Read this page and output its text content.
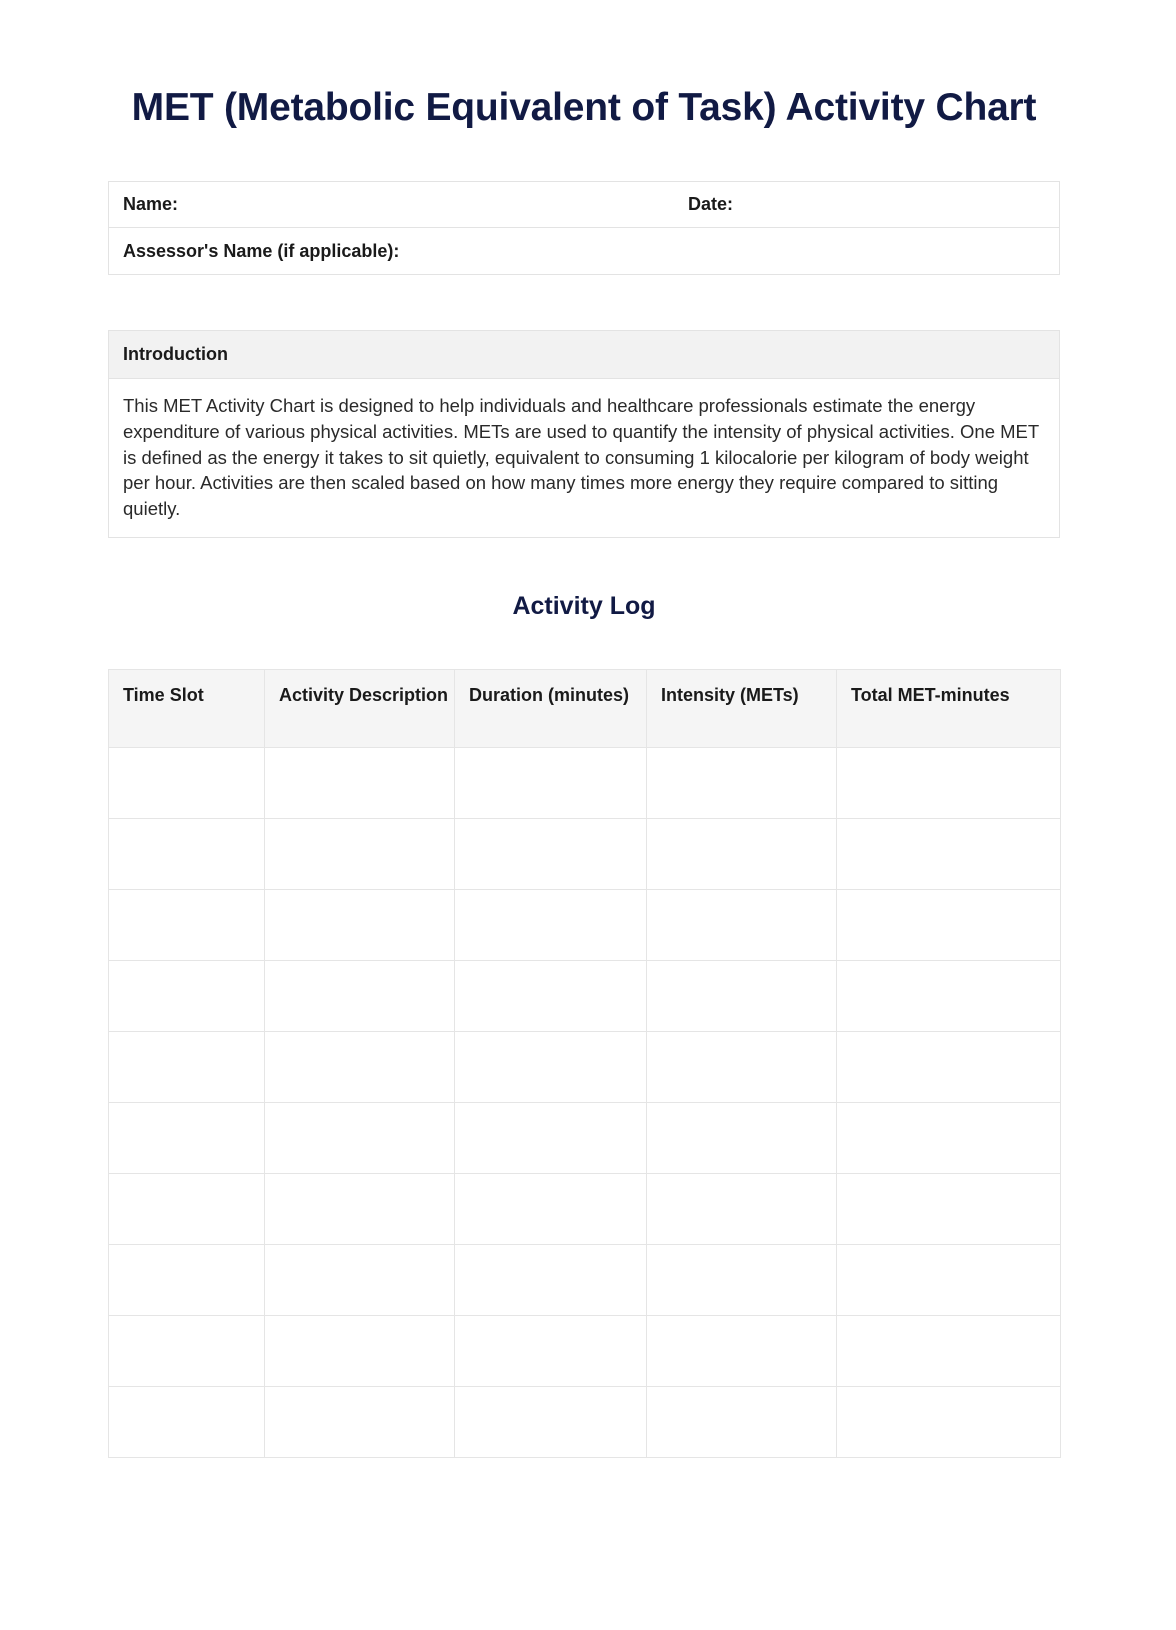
MET (Metabolic Equivalent of Task) Activity Chart
Name:	Date:
Assessor's Name (if applicable):
Introduction
This MET Activity Chart is designed to help individuals and healthcare professionals estimate the energy expenditure of various physical activities. METs are used to quantify the intensity of physical activities. One MET is defined as the energy it takes to sit quietly, equivalent to consuming 1 kilocalorie per kilogram of body weight per hour. Activities are then scaled based on how many times more energy they require compared to sitting quietly.
Activity Log
Time Slot	Activity Description	Duration (minutes)	Intensity (METs)	Total MET-minutes
